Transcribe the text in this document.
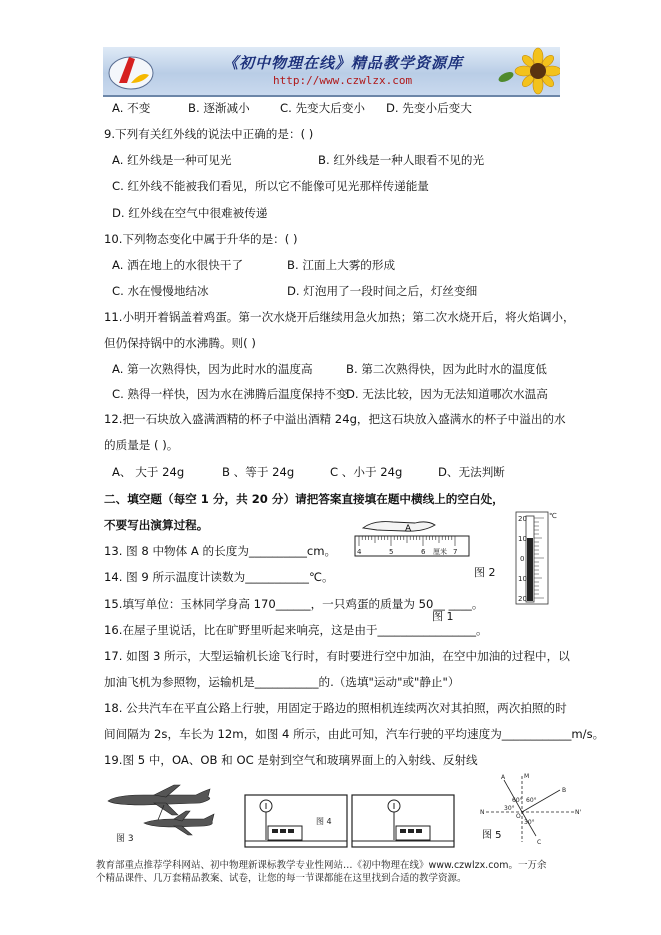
《初中物理在线》精品教学资源库
http://www.czwlzx.com
A. 不变	B. 逐渐减小	C. 先变大后变小 D. 先变小后变大
9.下列有关红外线的说法中正确的是：( )
A. 红外线是一种可见光	B. 红外线是一种人眼看不见的光
C. 红外线不能被我们看见，所以它不能像可见光那样传递能量
D. 红外线在空气中很难被传递
10.下列物态变化中属于升华的是：( )
A. 洒在地上的水很快干了	B. 江面上大雾的形成
C. 水在慢慢地结冰	D. 灯泡用了一段时间之后，灯丝变细
11.小明开着锅盖着鸡蛋。第一次水烧开后继续用急火加热；第二次水烧开后，将火焰调小，
但仍保持锅中的水沸腾。则( )
A. 第一次熟得快，因为此时水的温度高	B. 第二次熟得快，因为此时水的温度低
C. 熟得一样快，因为水在沸腾后温度保持不变
D. 无法比较，因为无法知道哪次水温高
12.把一石块放入盛满酒精的杯子中溢出酒精 24g，把这石块放入盛满水的杯子中溢出的水
的质量是 ( )。
A、 大于 24g	B 、等于 24g	C 、小于 24g	D、无法判断
二、填空题（每空 1 分，共 20 分）请把答案直接填在题中横线上的空白处，
不要写出演算过程。
13. 图 8 中物体 A 的长度为__________cm。
14. 图 9 所示温度计读数为___________℃。
15.填写单位：玉林同学身高 170______，一只鸡蛋的质量为 50__ ____。
16.在屋子里说话，比在旷野里听起来响亮，这是由于_________________。
A
4	5	6 厘米 7
图 1
℃
20
10
0
10
20
图 2
17. 如图 3 所示，大型运输机长途飞行时，有时要进行空中加油，在空中加油的过程中，以
加油飞机为参照物，运输机是___________的.（选填"运动"或"静止"）
18. 公共汽车在平直公路上行驶，用固定于路边的照相机连续两次对其拍照，两次拍照的时
间间隔为 2s，车长为 12m，如图 4 所示，由此可知，汽车行驶的平均速度为____________m/s。
19.图 5 中，OA、OB 和 OC 是射到空气和玻璃界面上的入射线、反射线
图 3
图 4
A
B
C
N	N'
O
M
60° 60°
30°
30°
图 5
教育部重点推荐学科网站、初中物理新课标教学专业性网站…《初中物理在线》www.czwlzx.com。一万余
个精品课件、几万套精品教案、试卷，让您的每一节课都能在这里找到合适的教学资源。
